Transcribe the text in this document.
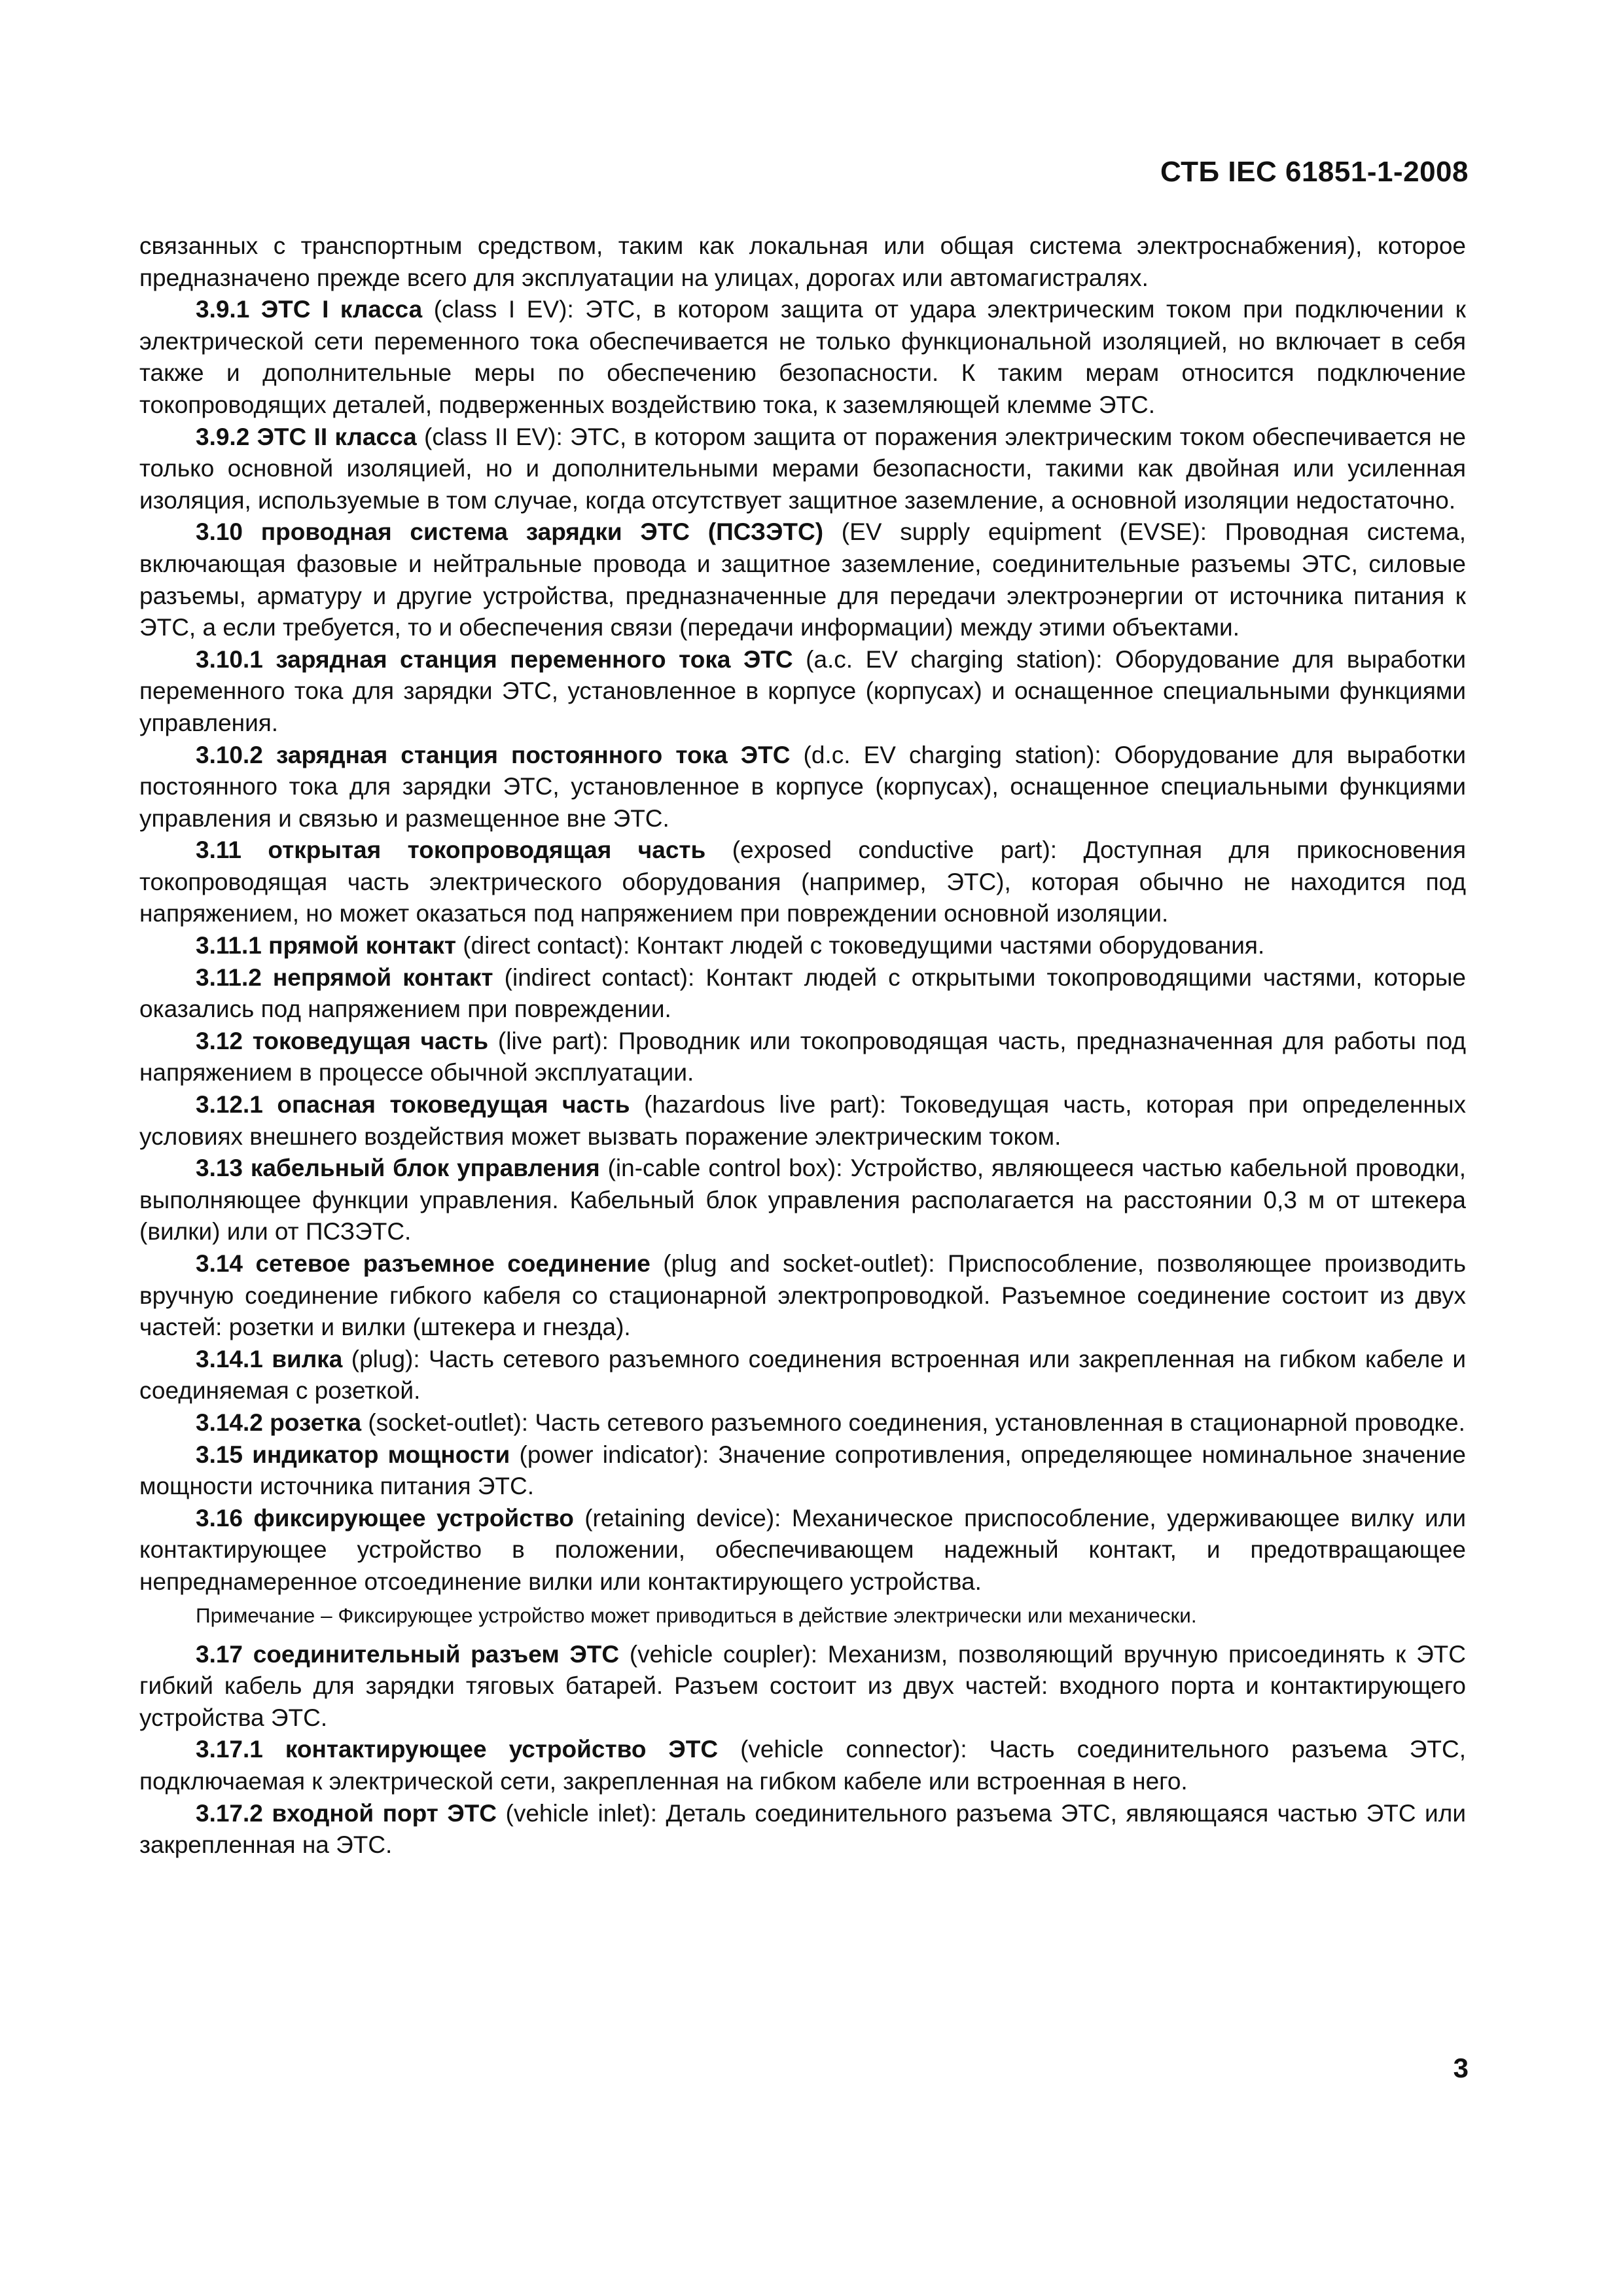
СТБ IEC 61851-1-2008

связанных с транспортным средством, таким как локальная или общая система электроснабжения), которое предназначено прежде всего для эксплуатации на улицах, дорогах или автомагистралях.

3.9.1 ЭТС I класса (class I EV): ЭТС, в котором защита от удара электрическим током при подключении к электрической сети переменного тока обеспечивается не только функциональной изоляцией, но включает в себя также и дополнительные меры по обеспечению безопасности. К таким мерам относится подключение токопроводящих деталей, подверженных воздействию тока, к заземляющей клемме ЭТС.

3.9.2 ЭТС II класса (class II EV): ЭТС, в котором защита от поражения электрическим током обеспечивается не только основной изоляцией, но и дополнительными мерами безопасности, такими как двойная или усиленная изоляция, используемые в том случае, когда отсутствует защитное заземление, а основной изоляции недостаточно.

3.10 проводная система зарядки ЭТС (ПСЗЭТС) (EV supply equipment (EVSE): Проводная система, включающая фазовые и нейтральные провода и защитное заземление, соединительные разъемы ЭТС, силовые разъемы, арматуру и другие устройства, предназначенные для передачи электроэнергии от источника питания к ЭТС, а если требуется, то и обеспечения связи (передачи информации) между этими объектами.

3.10.1 зарядная станция переменного тока ЭТС (a.c. EV charging station): Оборудование для выработки переменного тока для зарядки ЭТС, установленное в корпусе (корпусах) и оснащенное специальными функциями управления.

3.10.2 зарядная станция постоянного тока ЭТС (d.c. EV charging station): Оборудование для выработки постоянного тока для зарядки ЭТС, установленное в корпусе (корпусах), оснащенное специальными функциями управления и связью и размещенное вне ЭТС.

3.11 открытая токопроводящая часть (exposed conductive part): Доступная для прикосновения токопроводящая часть электрического оборудования (например, ЭТС), которая обычно не находится под напряжением, но может оказаться под напряжением при повреждении основной изоляции.

3.11.1 прямой контакт (direct contact): Контакт людей с токоведущими частями оборудования.

3.11.2 непрямой контакт (indirect contact): Контакт людей с открытыми токопроводящими частями, которые оказались под напряжением при повреждении.

3.12 токоведущая часть (live part): Проводник или токопроводящая часть, предназначенная для работы под напряжением в процессе обычной эксплуатации.

3.12.1 опасная токоведущая часть (hazardous live part): Токоведущая часть, которая при определенных условиях внешнего воздействия может вызвать поражение электрическим током.

3.13 кабельный блок управления (in-cable control box): Устройство, являющееся частью кабельной проводки, выполняющее функции управления. Кабельный блок управления располагается на расстоянии 0,3 м от штекера (вилки) или от ПСЗЭТС.

3.14 сетевое разъемное соединение (plug and socket-outlet): Приспособление, позволяющее производить вручную соединение гибкого кабеля со стационарной электропроводкой. Разъемное соединение состоит из двух частей: розетки и вилки (штекера и гнезда).

3.14.1 вилка (plug): Часть сетевого разъемного соединения встроенная или закрепленная на гибком кабеле и соединяемая с розеткой.

3.14.2 розетка (socket-outlet): Часть сетевого разъемного соединения, установленная в стационарной проводке.

3.15 индикатор мощности (power indicator): Значение сопротивления, определяющее номинальное значение мощности источника питания ЭТС.

3.16 фиксирующее устройство (retaining device): Механическое приспособление, удерживающее вилку или контактирующее устройство в положении, обеспечивающем надежный контакт, и предотвращающее непреднамеренное отсоединение вилки или контактирующего устройства.

Примечание – Фиксирующее устройство может приводиться в действие электрически или механически.

3.17 соединительный разъем ЭТС (vehicle coupler): Механизм, позволяющий вручную присоединять к ЭТС гибкий кабель для зарядки тяговых батарей. Разъем состоит из двух частей: входного порта и контактирующего устройства ЭТС.

3.17.1 контактирующее устройство ЭТС (vehicle connector): Часть соединительного разъема ЭТС, подключаемая к электрической сети, закрепленная на гибком кабеле или встроенная в него.

3.17.2 входной порт ЭТС (vehicle inlet): Деталь соединительного разъема ЭТС, являющаяся частью ЭТС или закрепленная на ЭТС.

3
